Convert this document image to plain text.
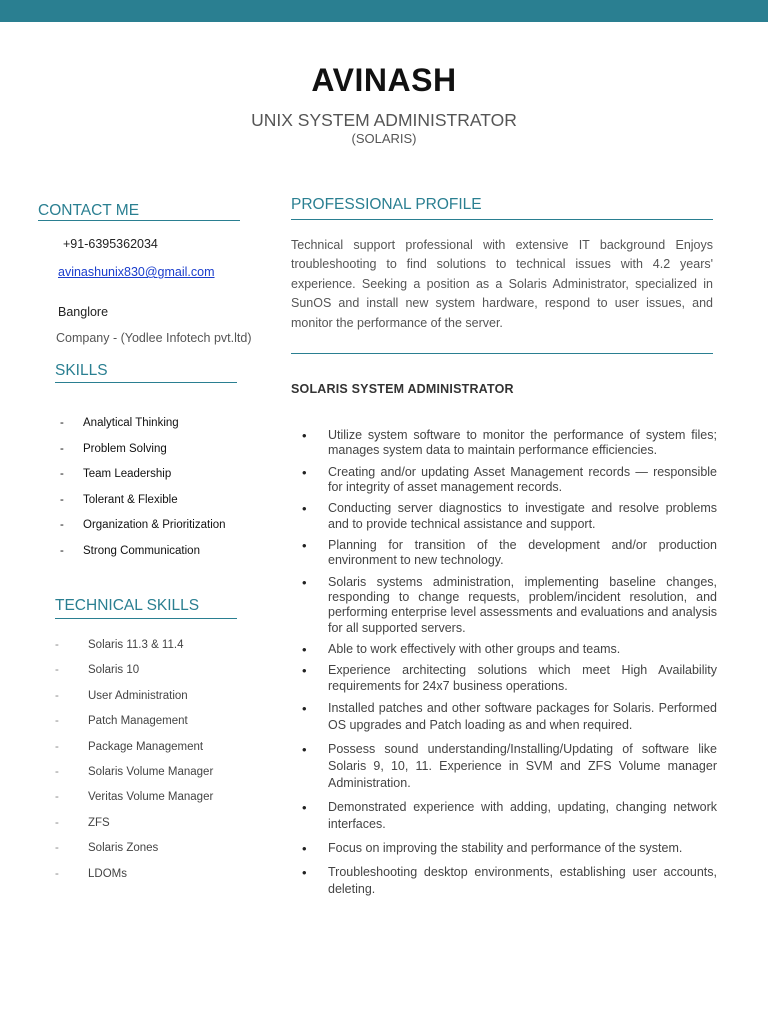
AVINASH
UNIX SYSTEM ADMINISTRATOR
(SOLARIS)
CONTACT ME
+91-6395362034
avinashunix830@gmail.com
Banglore
Company - (Yodlee Infotech pvt.ltd)
SKILLS
- Analytical Thinking
- Problem Solving
- Team Leadership
- Tolerant & Flexible
- Organization & Prioritization
- Strong Communication
TECHNICAL SKILLS
-	Solaris 11.3 & 11.4
-	Solaris 10
-	User Administration
-	Patch Management
-	Package Management
-	Solaris Volume Manager
-	Veritas Volume Manager
-	ZFS
-	Solaris Zones
-	LDOMs
PROFESSIONAL PROFILE
Technical support professional with extensive IT background Enjoys troubleshooting to find solutions to technical issues with 4.2 years' experience. Seeking a position as a Solaris Administrator, specialized in SunOS and install new system hardware, respond to user issues, and monitor the performance of the server.
SOLARIS SYSTEM ADMINISTRATOR
• Utilize system software to monitor the performance of system files; manages system data to maintain performance efficiencies.
• Creating and/or updating Asset Management records — responsible for integrity of asset management records.
• Conducting server diagnostics to investigate and resolve problems and to provide technical assistance and support.
• Planning for transition of the development and/or production environment to new technology.
• Solaris systems administration, implementing baseline changes, responding to change requests, problem/incident resolution, and performing enterprise level assessments and evaluations and analysis for all supported servers.
• Able to work effectively with other groups and teams.
• Experience architecting solutions which meet High Availability requirements for 24x7 business operations.
• Installed patches and other software packages for Solaris. Performed OS upgrades and Patch loading as and when required.
• Possess sound understanding/Installing/Updating of software like Solaris 9, 10, 11. Experience in SVM and ZFS Volume manager Administration.
• Demonstrated experience with adding, updating, changing network interfaces.
• Focus on improving the stability and performance of the system.
• Troubleshooting desktop environments, establishing user accounts, deleting.
